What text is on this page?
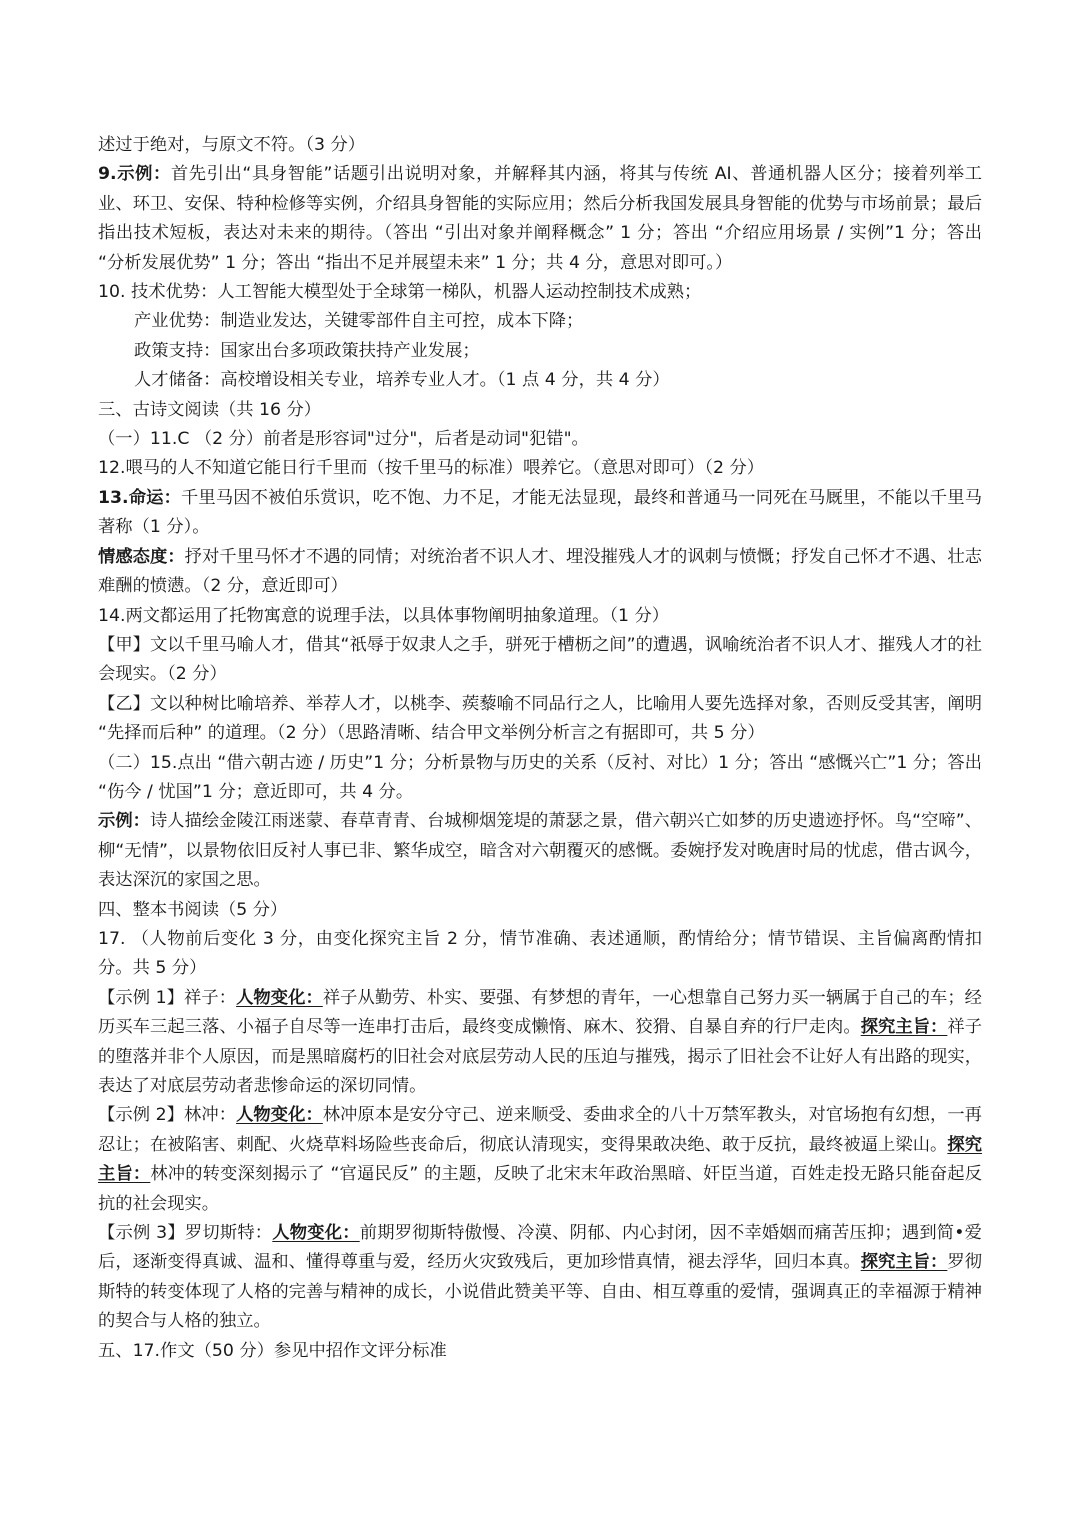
述过于绝对，与原文不符。（3 分）

9.示例：首先引出“具身智能”话题引出说明对象，并解释其内涵，将其与传统 AI、普通机器人区分；接着列举工业、环卫、安保、特种检修等实例，介绍具身智能的实际应用；然后分析我国发展具身智能的优势与市场前景；最后指出技术短板，表达对未来的期待。（答出 “引出对象并阐释概念” 1 分；答出 “介绍应用场景 / 实例”1 分；答出 “分析发展优势” 1 分；答出 “指出不足并展望未来” 1 分；共 4 分，意思对即可。）

10. 技术优势：人工智能大模型处于全球第一梯队，机器人运动控制技术成熟；

产业优势：制造业发达，关键零部件自主可控，成本下降；

政策支持：国家出台多项政策扶持产业发展；

人才储备：高校增设相关专业，培养专业人才。（1 点 4 分，共 4 分）

三、古诗文阅读（共 16 分）

（一）11.C （2 分）前者是形容词"过分"，后者是动词"犯错"。

12.喂马的人不知道它能日行千里而（按千里马的标准）喂养它。（意思对即可）（2 分）

13.命运：千里马因不被伯乐赏识，吃不饱、力不足，才能无法显现，最终和普通马一同死在马厩里，不能以千里马著称（1 分）。

情感态度：抒对千里马怀才不遇的同情；对统治者不识人才、埋没摧残人才的讽刺与愤慨；抒发自己怀才不遇、壮志难酬的愤懑。（2 分，意近即可）

14.两文都运用了托物寓意的说理手法，以具体事物阐明抽象道理。（1 分）

【甲】文以千里马喻人才，借其“祇辱于奴隶人之手，骈死于槽枥之间”的遭遇，讽喻统治者不识人才、摧残人才的社会现实。（2 分）

【乙】文以种树比喻培养、举荐人才，以桃李、蒺藜喻不同品行之人，比喻用人要先选择对象，否则反受其害，阐明 “先择而后种” 的道理。（2 分）（思路清晰、结合甲文举例分析言之有据即可，共 5 分）

（二）15.点出 “借六朝古迹 / 历史”1 分；分析景物与历史的关系（反衬、对比）1 分；答出 “感慨兴亡”1 分；答出 “伤今 / 忧国”1 分；意近即可，共 4 分。

示例：诗人描绘金陵江雨迷蒙、春草青青、台城柳烟笼堤的萧瑟之景，借六朝兴亡如梦的历史遗迹抒怀。鸟“空啼”、柳“无情”，以景物依旧反衬人事已非、繁华成空，暗含对六朝覆灭的感慨。委婉抒发对晚唐时局的忧虑，借古讽今，表达深沉的家国之思。

四、整本书阅读（5 分）

17. （人物前后变化 3 分，由变化探究主旨 2 分，情节准确、表述通顺，酌情给分；情节错误、主旨偏离酌情扣分。共 5 分）

【示例 1】祥子：人物变化：祥子从勤劳、朴实、要强、有梦想的青年，一心想靠自己努力买一辆属于自己的车；经历买车三起三落、小福子自尽等一连串打击后，最终变成懒惰、麻木、狡猾、自暴自弃的行尸走肉。探究主旨：祥子的堕落并非个人原因，而是黑暗腐朽的旧社会对底层劳动人民的压迫与摧残，揭示了旧社会不让好人有出路的现实，表达了对底层劳动者悲惨命运的深切同情。

【示例 2】林冲：人物变化：林冲原本是安分守己、逆来顺受、委曲求全的八十万禁军教头，对官场抱有幻想，一再忍让；在被陷害、刺配、火烧草料场险些丧命后，彻底认清现实，变得果敢决绝、敢于反抗，最终被逼上梁山。探究主旨：林冲的转变深刻揭示了 “官逼民反” 的主题，反映了北宋末年政治黑暗、奸臣当道，百姓走投无路只能奋起反抗的社会现实。

【示例 3】罗切斯特：人物变化：前期罗彻斯特傲慢、冷漠、阴郁、内心封闭，因不幸婚姻而痛苦压抑；遇到简•爱后，逐渐变得真诚、温和、懂得尊重与爱，经历火灾致残后，更加珍惜真情，褪去浮华，回归本真。探究主旨：罗彻斯特的转变体现了人格的完善与精神的成长，小说借此赞美平等、自由、相互尊重的爱情，强调真正的幸福源于精神的契合与人格的独立。

五、17.作文（50 分）参见中招作文评分标准
